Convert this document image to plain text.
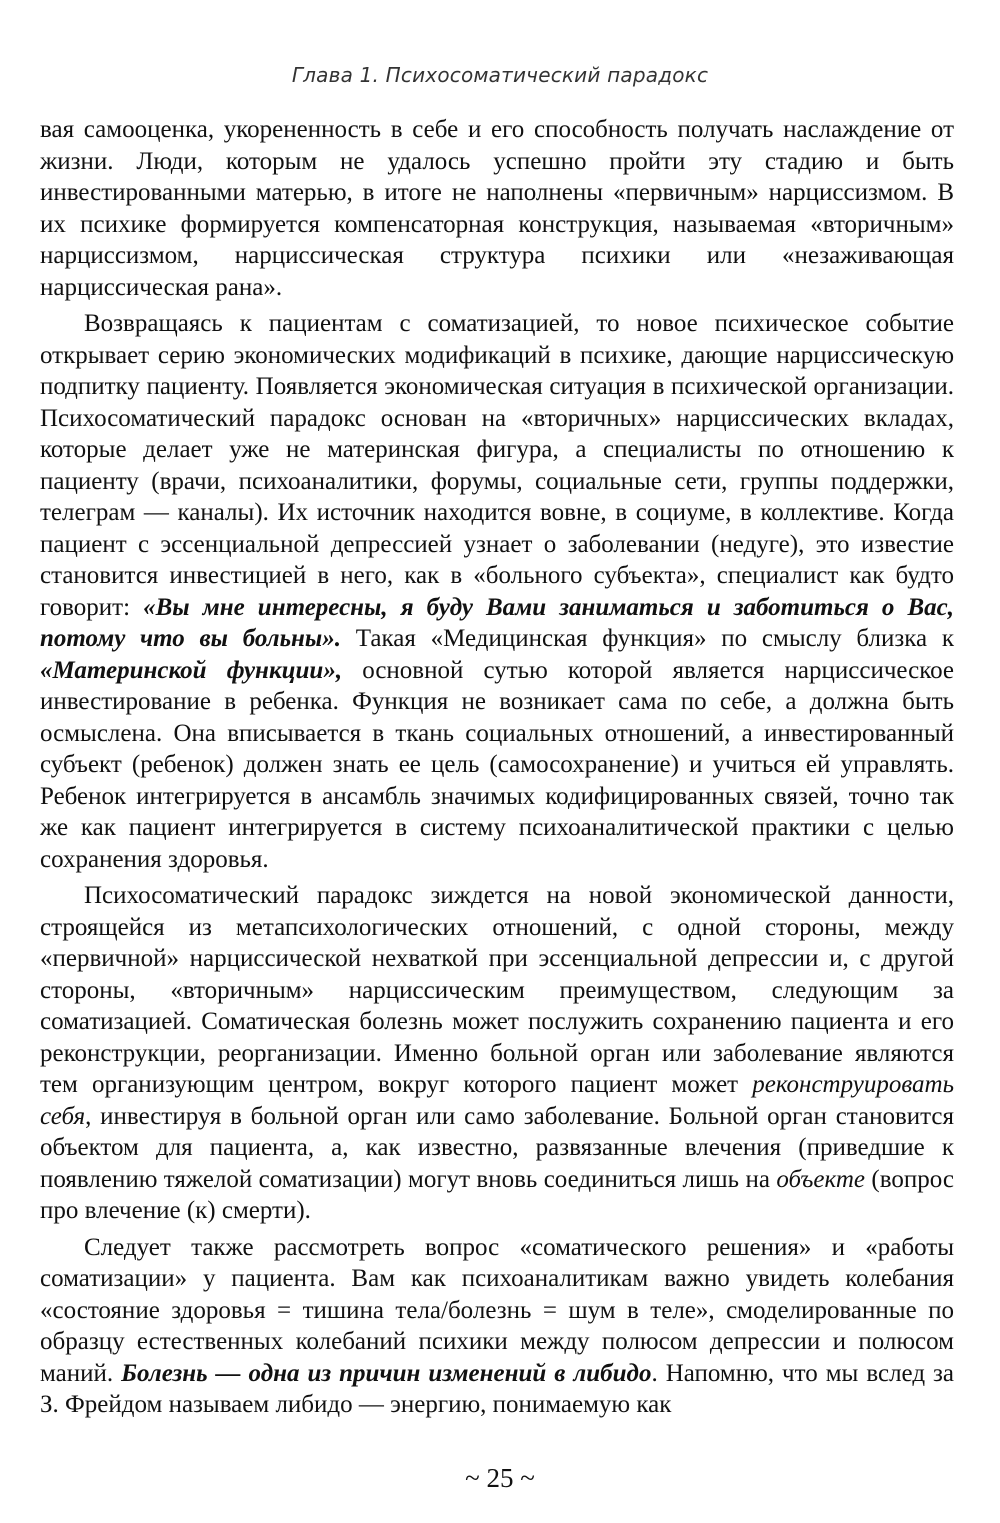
Глава 1. Психосоматический парадокс

вая самооценка, укорененность в себе и его способность получать наслаждение от жизни. Люди, которым не удалось успешно пройти эту стадию и быть инвестированными матерью, в итоге не наполнены «первичным» нарциссизмом. В их психике формируется компенсаторная конструкция, называемая «вторичным» нарциссизмом, нарциссическая структура психики или «незаживающая нарциссическая рана».

Возвращаясь к пациентам с соматизацией, то новое психическое событие открывает серию экономических модификаций в психике, дающие нарциссическую подпитку пациенту. Появляется экономическая ситуация в психической организации. Психосоматический парадокс основан на «вторичных» нарциссических вкладах, которые делает уже не материнская фигура, а специалисты по отношению к пациенту (врачи, психоаналитики, форумы, социальные сети, группы поддержки, телеграм — каналы). Их источник находится вовне, в социуме, в коллективе. Когда пациент с эссенциальной депрессией узнает о заболевании (недуге), это известие становится инвестицией в него, как в «больного субъекта», специалист как будто говорит: «Вы мне интересны, я буду Вами заниматься и заботиться о Вас, потому что вы больны». Такая «Медицинская функция» по смыслу близка к «Материнской функции», основной сутью которой является нарциссическое инвестирование в ребенка. Функция не возникает сама по себе, а должна быть осмыслена. Она вписывается в ткань социальных отношений, а инвестированный субъект (ребенок) должен знать ее цель (самосохранение) и учиться ей управлять. Ребенок интегрируется в ансамбль значимых кодифицированных связей, точно так же как пациент интегрируется в систему психоаналитической практики с целью сохранения здоровья.

Психосоматический парадокс зиждется на новой экономической данности, строящейся из метапсихологических отношений, с одной стороны, между «первичной» нарциссической нехваткой при эссенциальной депрессии и, с другой стороны, «вторичным» нарциссическим преимуществом, следующим за соматизацией. Соматическая болезнь может послужить сохранению пациента и его реконструкции, реорганизации. Именно больной орган или заболевание являются тем организующим центром, вокруг которого пациент может реконструировать себя, инвестируя в больной орган или само заболевание. Больной орган становится объектом для пациента, а, как известно, развязанные влечения (приведшие к появлению тяжелой соматизации) могут вновь соединиться лишь на объекте (вопрос про влечение (к) смерти).

Следует также рассмотреть вопрос «соматического решения» и «работы соматизации» у пациента. Вам как психоаналитикам важно увидеть колебания «состояние здоровья = тишина тела/болезнь = шум в теле», смоделированные по образцу естественных колебаний психики между полюсом депрессии и полюсом маний. Болезнь — одна из причин изменений в либидо. Напомню, что мы вслед за З. Фрейдом называем либидо — энергию, понимаемую как

~ 25 ~
